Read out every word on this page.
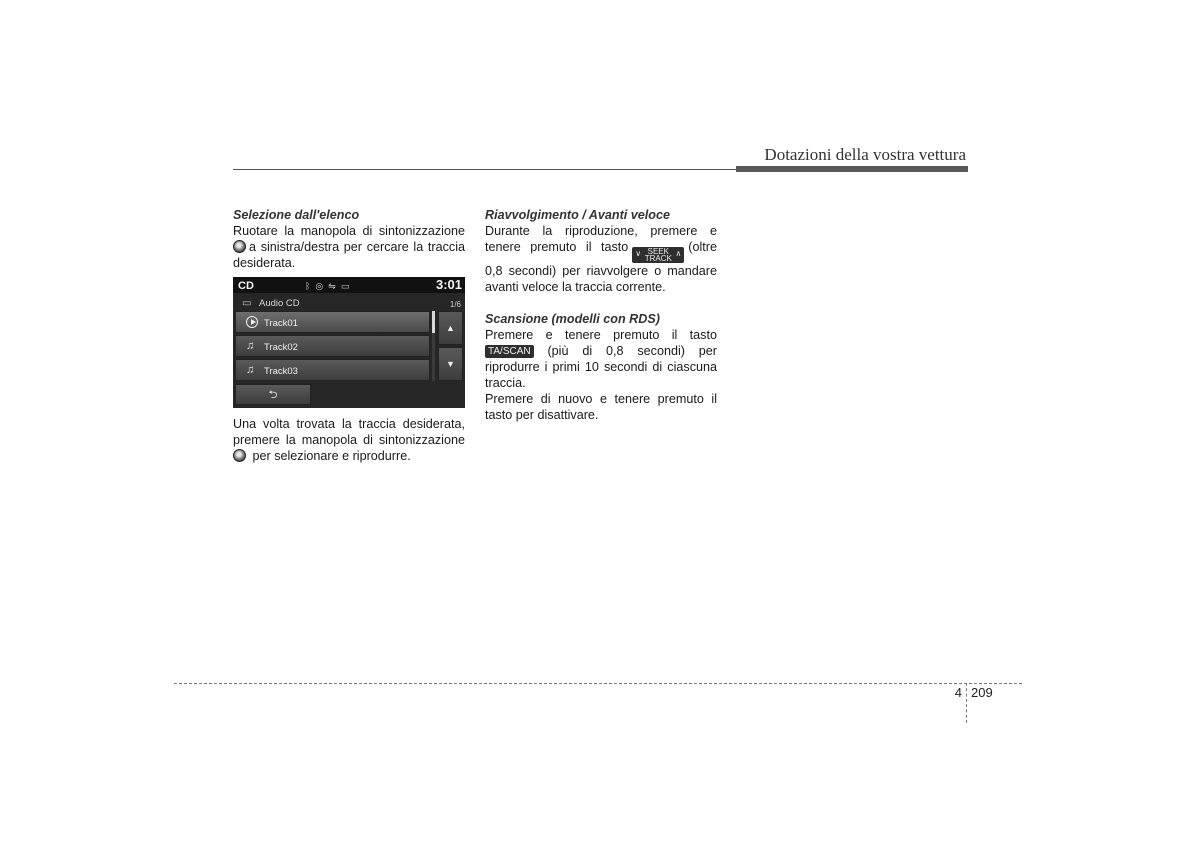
Dotazioni della vostra vettura

Selezione dall'elenco

Ruotare la manopola di sintonizzazione a sinistra/destra per cercare la traccia desiderata.

CD	ᛒ◎⇋▭	3:01
▭ Audio CD	1/6
Track01
♫ Track02
♫ Track03
▲
▼
⮌

Una volta trovata la traccia desiderata, premere la manopola di sintonizzazione  per selezionare e riprodurre.

Riavvolgimento / Avanti veloce

Durante la riproduzione, premere e tenere premuto il tasto ∨ SEEK
TRACK
∧ (oltre 0,8 secondi) per riavvolgere o mandare avanti veloce la traccia corrente.

Scansione (modelli con RDS)

Premere e tenere premuto il tasto TA/SCAN (più di 0,8 secondi) per riprodurre i primi 10 secondi di ciascuna traccia.

Premere di nuovo e tenere premuto il tasto per disattivare.

4 209
